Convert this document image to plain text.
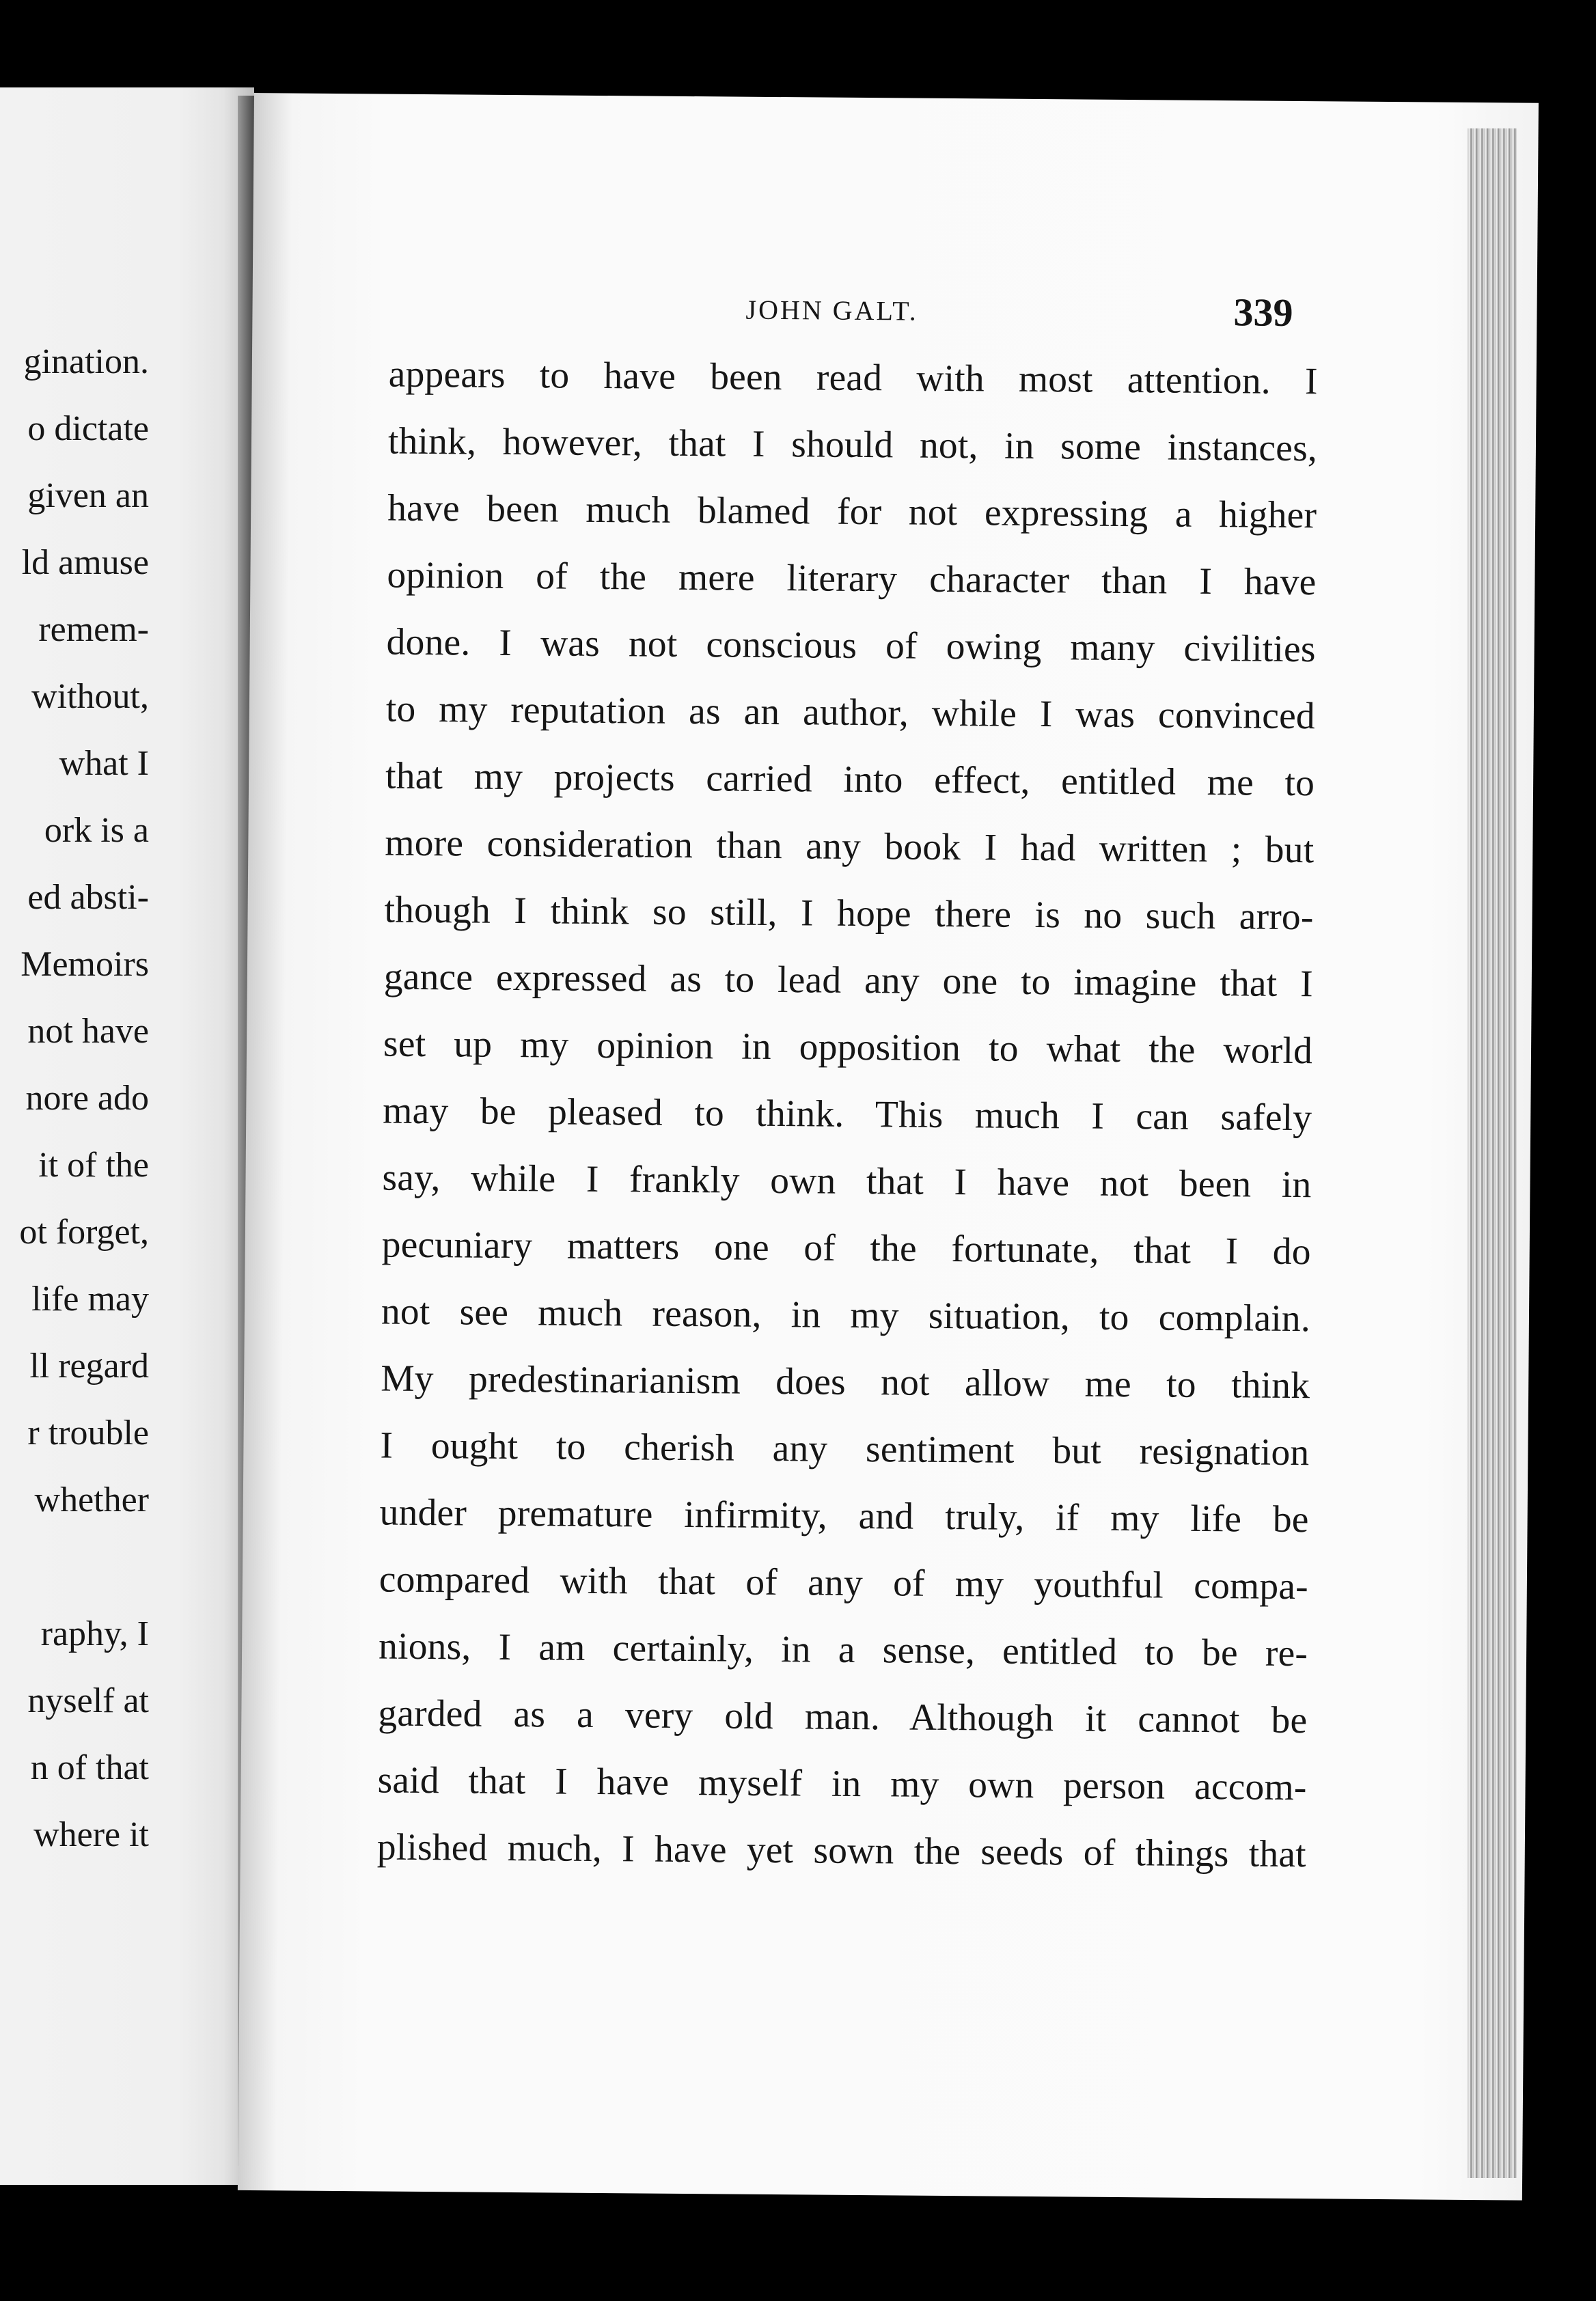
gination.
o dictate
given an
ld amuse
remem-
without,
what I
ork is a
ed absti-
Memoirs
not have
nore ado
it of the
ot forget,
life may
ll regard
r trouble
whether
raphy, I
nyself at
n of that
where it
JOHN GALT.	339
appears to have been read with most attention. I
think, however, that I should not, in some instances,
have been much blamed for not expressing a higher
opinion of the mere literary character than I have
done. I was not conscious of owing many civilities
to my reputation as an author, while I was convinced
that my projects carried into effect, entitled me to
more consideration than any book I had written ; but
though I think so still, I hope there is no such arro-
gance expressed as to lead any one to imagine that I
set up my opinion in opposition to what the world
may be pleased to think. This much I can safely
say, while I frankly own that I have not been in
pecuniary matters one of the fortunate, that I do
not see much reason, in my situation, to complain.
My predestinarianism does not allow me to think
I ought to cherish any sentiment but resignation
under premature infirmity, and truly, if my life be
compared with that of any of my youthful compa-
nions, I am certainly, in a sense, entitled to be re-
garded as a very old man. Although it cannot be
said that I have myself in my own person accom-
plished much, I have yet sown the seeds of things that
